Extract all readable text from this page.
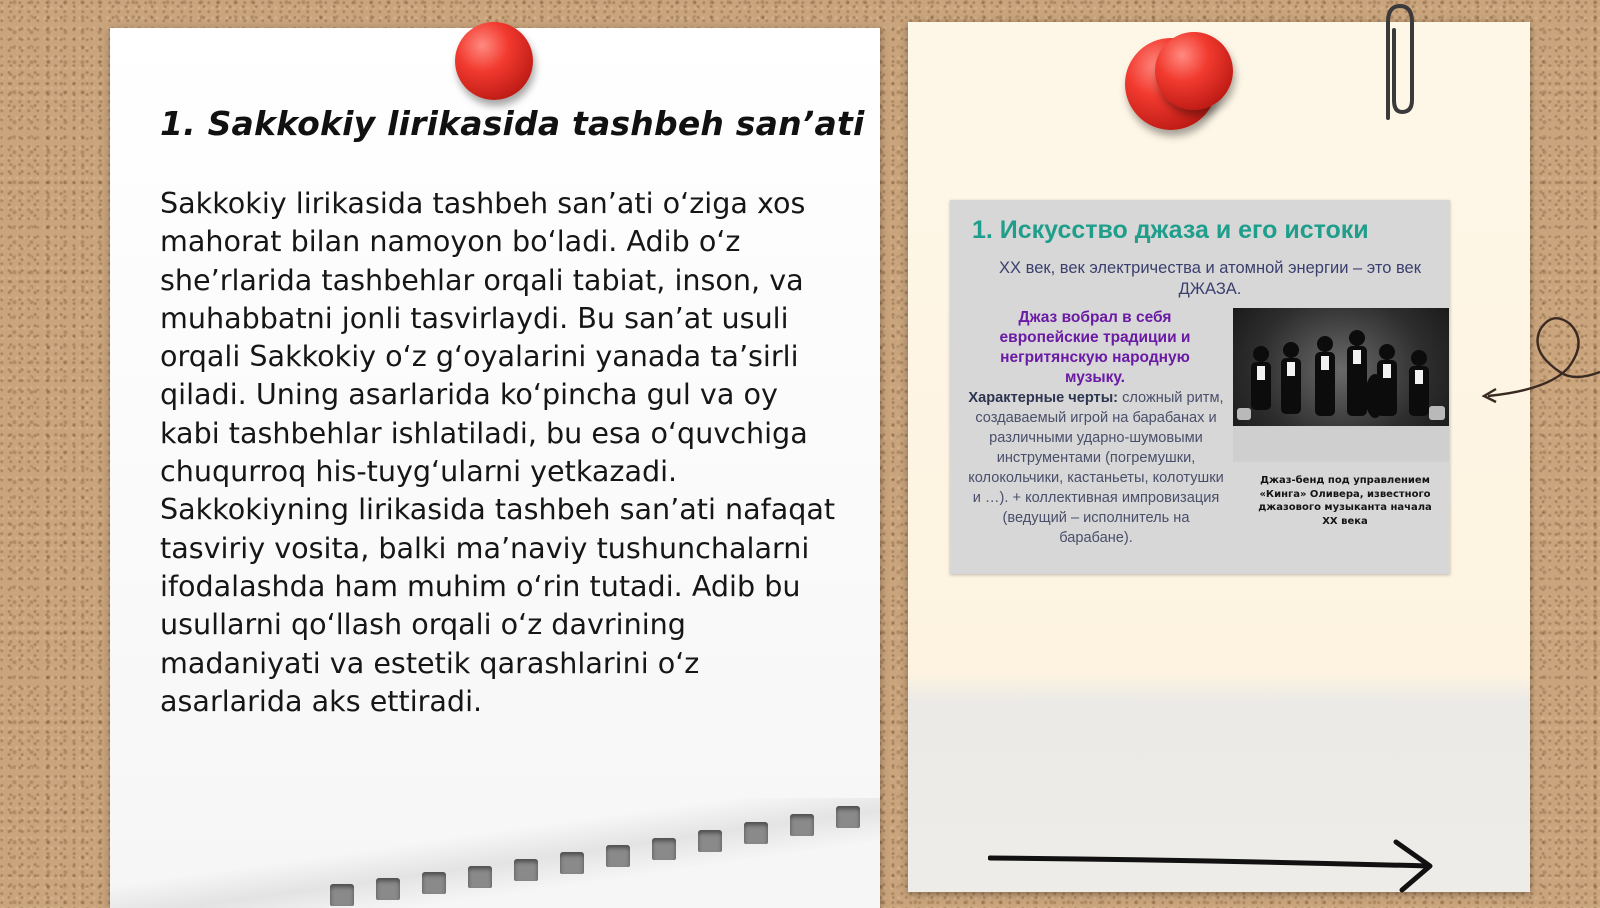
1. Sakkokiy lirikasida tashbeh san’ati

Sakkokiy lirikasida tashbeh san’ati o‘ziga xos mahorat bilan namoyon bo‘ladi. Adib o‘z she’rlarida tashbehlar orqali tabiat, inson, va muhabbatni jonli tasvirlaydi. Bu san’at usuli orqali Sakkokiy o‘z g‘oyalarini yanada ta’sirli qiladi. Uning asarlarida ko‘pincha gul va oy kabi tashbehlar ishlatiladi, bu esa o‘quvchiga chuqurroq his-tuyg‘ularni yetkazadi. Sakkokiyning lirikasida tashbeh san’ati nafaqat tasviriy vosita, balki ma’naviy tushunchalarni ifodalashda ham muhim o‘rin tutadi. Adib bu usullarni qo‘llash orqali o‘z davrining madaniyati va estetik qarashlarini o‘z asarlarida aks ettiradi.

1. Искусство джаза и его истоки

XX век, век электричества и атомной энергии – это век ДЖАЗА.

Джаз вобрал в себя европейские традиции и негритянскую народную музыку.

Характерные черты: сложный ритм, создаваемый игрой на барабанах и различными ударно-шумовыми инструментами (погремушки, колокольчики, кастаньеты, колотушки и …). + коллективная импровизация (ведущий – исполнитель на барабане).

Джаз-бенд под управлением «Кинга» Оливера, известного джазового музыканта начала XX века
